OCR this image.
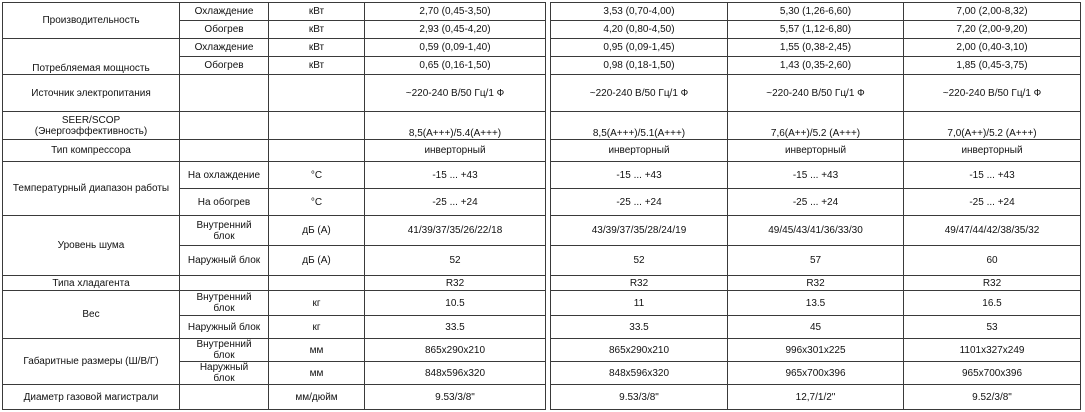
Производительность	Охлаждение	кВт	2,70 (0,45-3,50)		3,53 (0,70-4,00)	5,30 (1,26-6,60)	7,00 (2,00-8,32)
	Обогрев	кВт	2,93 (0,45-4,20)		4,20 (0,80-4,50)	5,57 (1,12-6,80)	7,20 (2,00-9,20)
Потребляемая мощность	Охлаждение	кВт	0,59 (0,09-1,40)		0,95 (0,09-1,45)	1,55 (0,38-2,45)	2,00 (0,40-3,10)
	Обогрев	кВт	0,65 (0,16-1,50)		0,98 (0,18-1,50)	1,43 (0,35-2,60)	1,85 (0,45-3,75)
Источник электропитания			~220-240 В/50 Гц/1 Ф		~220-240 В/50 Гц/1 Ф	~220-240 В/50 Гц/1 Ф	~220-240 В/50 Гц/1 Ф
SEER/SCOP
(Энергоэффективность)			8,5(A+++)/5.4(A+++)		8,5(A+++)/5.1(A+++)	7,6(A++)/5.2 (A+++)	7,0(A++)/5.2 (A+++)
Тип компрессора			инверторный		инверторный	инверторный	инверторный
Температурный диапазон работы	На охлаждение	°C	-15 ... +43		-15 ... +43	-15 ... +43	-15 ... +43
	На обогрев	°C	-25 ... +24		-25 ... +24	-25 ... +24	-25 ... +24
Уровень шума	Внутренний
блок	дБ (А)	41/39/37/35/26/22/18		43/39/37/35/28/24/19	49/45/43/41/36/33/30	49/47/44/42/38/35/32
	Наружный блок	дБ (А)	52		52	57	60
Типа хладагента			R32		R32	R32	R32
Вес	Внутренний
блок	кг	10.5		11	13.5	16.5
	Наружный блок	кг	33.5		33.5	45	53
Габаритные размеры (Ш/В/Г)	Внутренний
блок	мм	865x290x210		865x290x210	996x301x225	1101x327x249
	Наружный
блок	мм	848x596x320		848x596x320	965x700x396	965x700x396
Диаметр газовой магистрали		мм/дюйм	9.53/3/8"		9.53/3/8"	12,7/1/2"	9.52/3/8"
